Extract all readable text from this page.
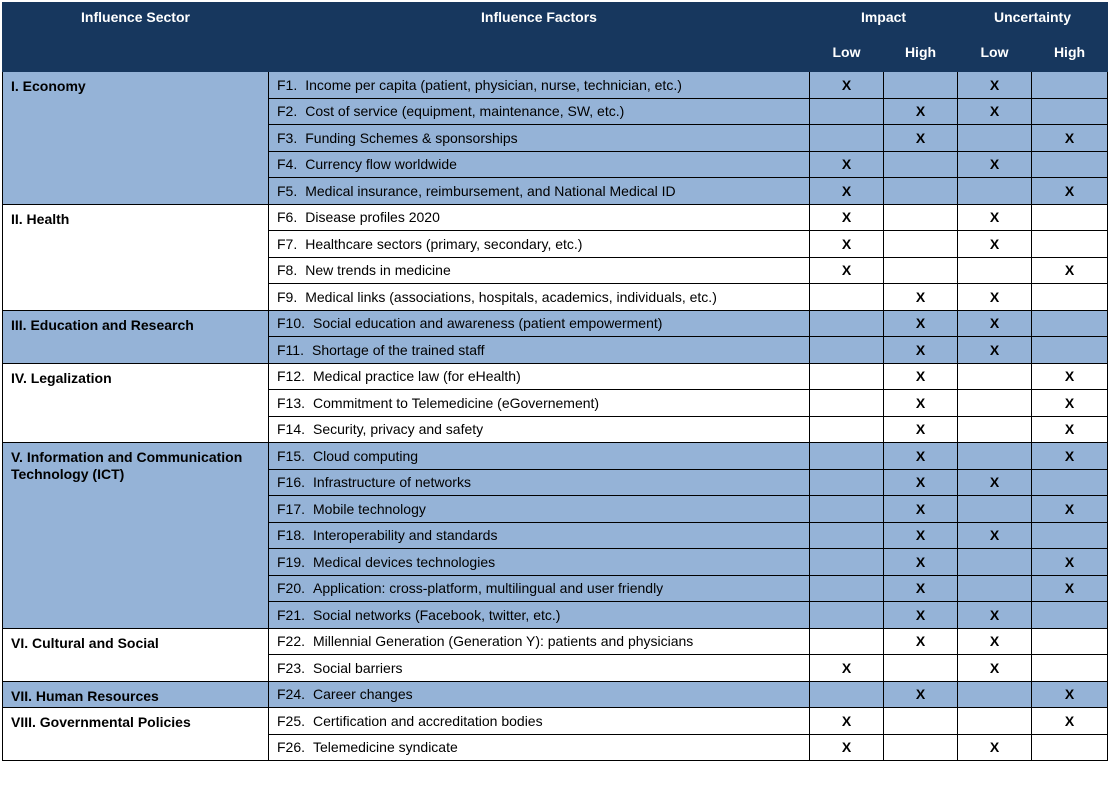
Influence Sector	Influence Factors	Impact		Uncertainty	
		Low	High	Low	High
I. Economy	F1. Income per capita (patient, physician, nurse, technician, etc.)	X		X	
	F2. Cost of service (equipment, maintenance, SW, etc.)		X	X	
	F3. Funding Schemes & sponsorships		X		X
	F4. Currency flow worldwide	X		X	
	F5. Medical insurance, reimbursement, and National Medical ID	X			X
II. Health	F6. Disease profiles 2020	X		X	
	F7. Healthcare sectors (primary, secondary, etc.)	X		X	
	F8. New trends in medicine	X			X
	F9. Medical links (associations, hospitals, academics, individuals, etc.)		X	X	
III. Education and Research	F10. Social education and awareness (patient empowerment)		X	X	
	F11. Shortage of the trained staff		X	X	
IV. Legalization	F12. Medical practice law (for eHealth)		X		X
	F13. Commitment to Telemedicine (eGovernement)		X		X
	F14. Security, privacy and safety		X		X
V. Information and Communication Technology (ICT)	F15. Cloud computing		X		X
	F16. Infrastructure of networks		X	X	
	F17. Mobile technology		X		X
	F18. Interoperability and standards		X	X	
	F19. Medical devices technologies		X		X
	F20. Application: cross-platform, multilingual and user friendly		X		X
	F21. Social networks (Facebook, twitter, etc.)		X	X	
VI. Cultural and Social	F22. Millennial Generation (Generation Y): patients and physicians		X	X	
	F23. Social barriers	X		X	
VII. Human Resources	F24. Career changes		X		X
VIII. Governmental Policies	F25. Certification and accreditation bodies	X			X
	F26. Telemedicine syndicate	X		X	
